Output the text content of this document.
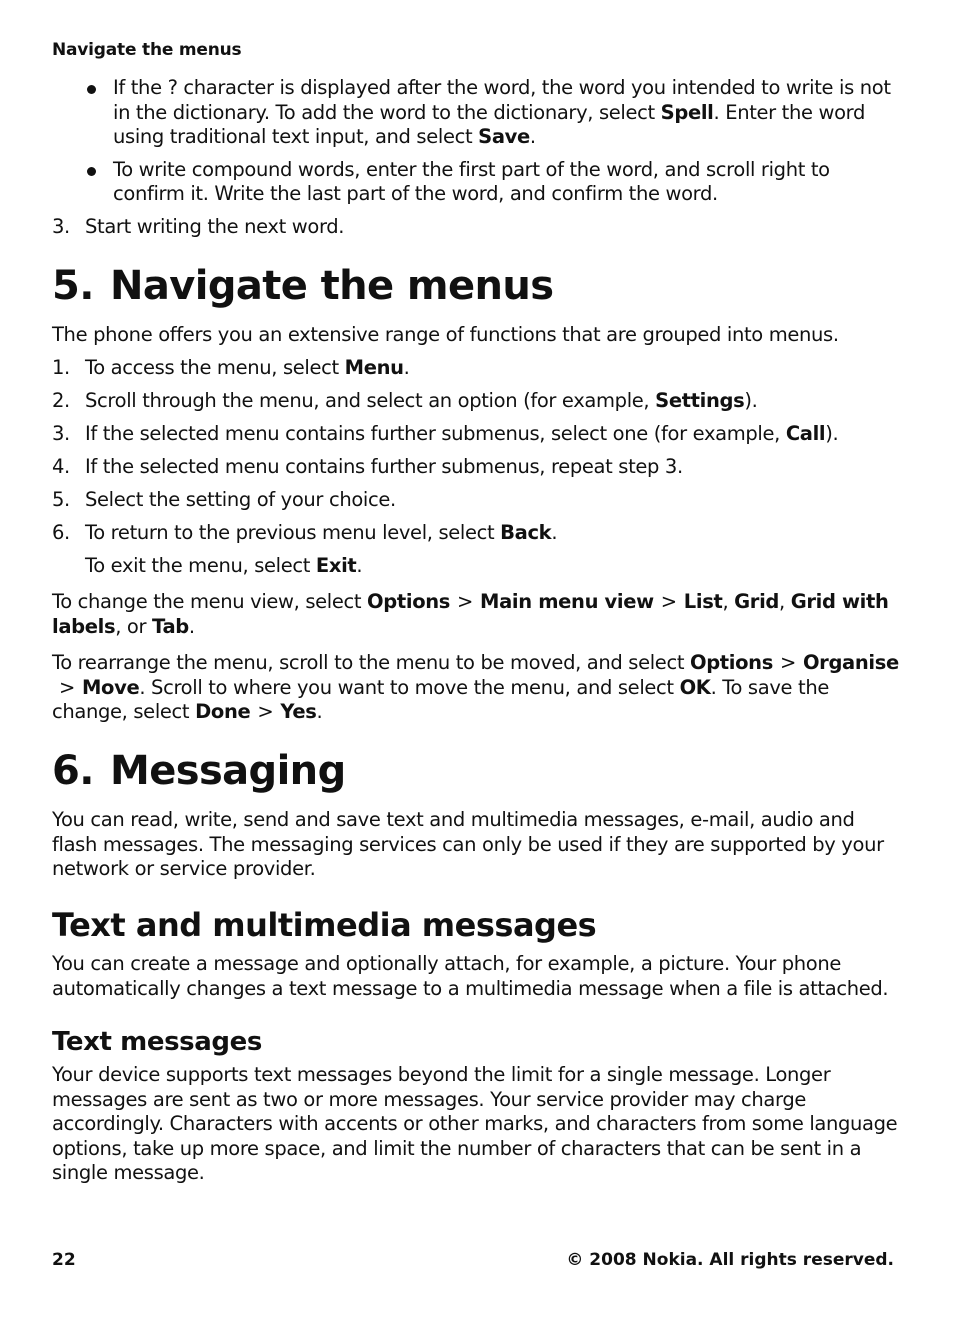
Navigate the menus
If the ? character is displayed after the word, the word you intended to write is not in the dictionary. To add the word to the dictionary, select Spell. Enter the word using traditional text input, and select Save.
To write compound words, enter the first part of the word, and scroll right to confirm it. Write the last part of the word, and confirm the word.
3. Start writing the next word.
5. Navigate the menus

The phone offers you an extensive range of functions that are grouped into menus.

1. To access the menu, select Menu.
2. Scroll through the menu, and select an option (for example, Settings).
3. If the selected menu contains further submenus, select one (for example, Call).
4. If the selected menu contains further submenus, repeat step 3.
5. Select the setting of your choice.
6. To return to the previous menu level, select Back.
To exit the menu, select Exit.

To change the menu view, select Options > Main menu view > List, Grid, Grid with labels, or Tab.

To rearrange the menu, scroll to the menu to be moved, and select Options > Organise> Move. Scroll to where you want to move the menu, and select OK. To save the change, select Done > Yes.

6. Messaging

You can read, write, send and save text and multimedia messages, e-mail, audio and flash messages. The messaging services can only be used if they are supported by your network or service provider.

Text and multimedia messages

You can create a message and optionally attach, for example, a picture. Your phone automatically changes a text message to a multimedia message when a file is attached.

Text messages

Your device supports text messages beyond the limit for a single message. Longer messages are sent as two or more messages. Your service provider may charge accordingly. Characters with accents or other marks, and characters from some language options, take up more space, and limit the number of characters that can be sent in a single message.

22	© 2008 Nokia. All rights reserved.
